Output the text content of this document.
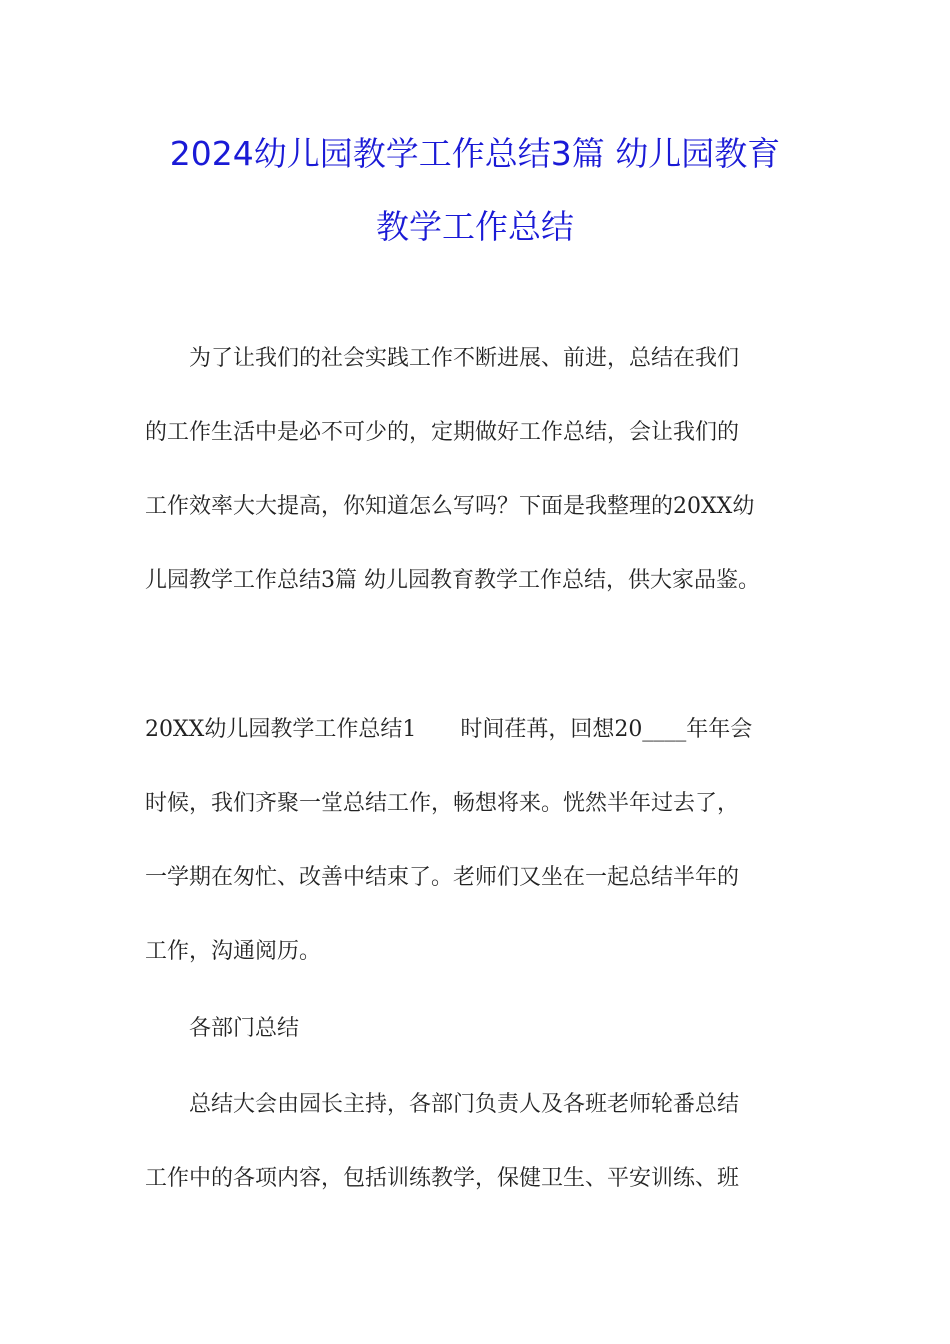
2024幼儿园教学工作总结3篇 幼儿园教育
教学工作总结
　　为了让我们的社会实践工作不断进展、前进，总结在我们
的工作生活中是必不可少的，定期做好工作总结，会让我们的
工作效率大大提高，你知道怎么写吗？下面是我整理的20XX幼
儿园教学工作总结3篇 幼儿园教育教学工作总结，供大家品鉴。
20XX幼儿园教学工作总结1　　时间荏苒，回想20____年年会
时候，我们齐聚一堂总结工作，畅想将来。恍然半年过去了，
一学期在匆忙、改善中结束了。老师们又坐在一起总结半年的
工作，沟通阅历。
　　各部门总结
　　总结大会由园长主持，各部门负责人及各班老师轮番总结
工作中的各项内容，包括训练教学，保健卫生、平安训练、班
